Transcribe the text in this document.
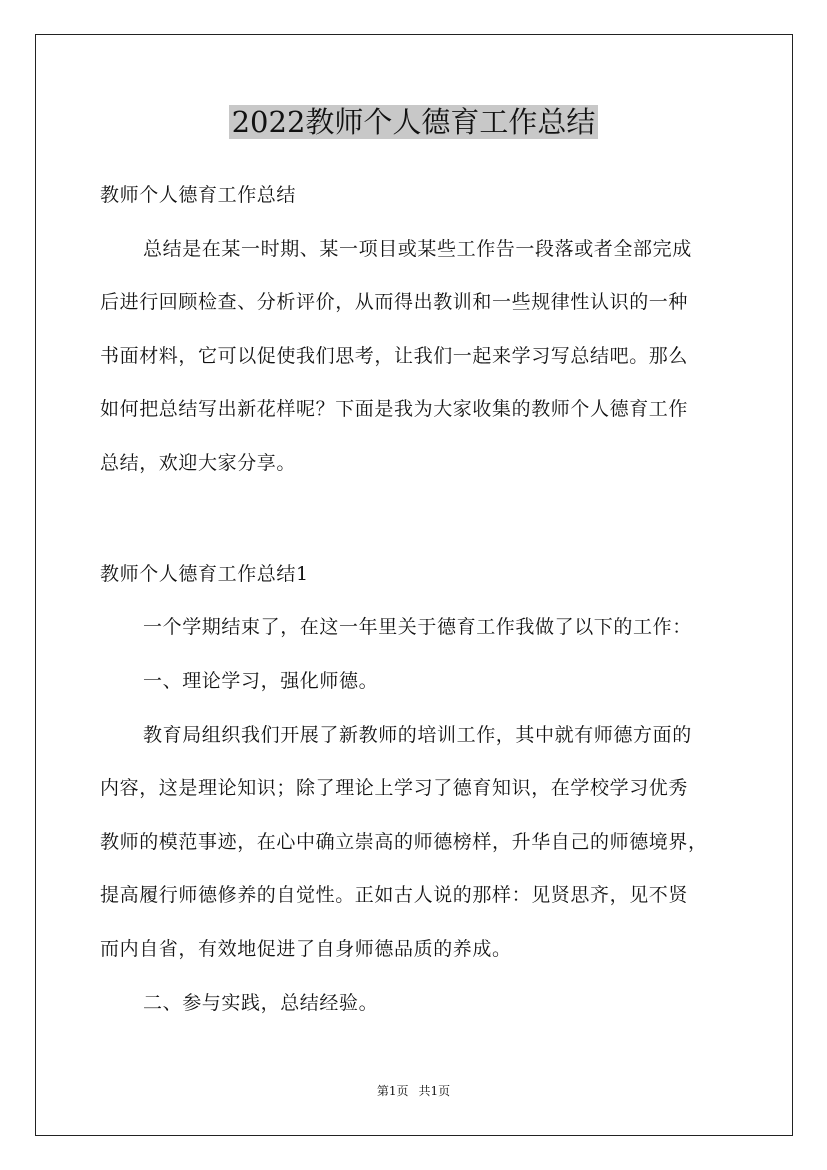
2022教师个人德育工作总结
教师个人德育工作总结
总结是在某一时期、某一项目或某些工作告一段落或者全部完成
后进行回顾检查、分析评价，从而得出教训和一些规律性认识的一种
书面材料，它可以促使我们思考，让我们一起来学习写总结吧。那么
如何把总结写出新花样呢？下面是我为大家收集的教师个人德育工作
总结，欢迎大家分享。
教师个人德育工作总结1
一个学期结束了，在这一年里关于德育工作我做了以下的工作：
一、理论学习，强化师德。
教育局组织我们开展了新教师的培训工作，其中就有师德方面的
内容，这是理论知识；除了理论上学习了德育知识，在学校学习优秀
教师的模范事迹，在心中确立崇高的师德榜样，升华自己的师德境界，
提高履行师德修养的自觉性。正如古人说的那样：见贤思齐，见不贤
而内自省，有效地促进了自身师德品质的养成。
二、参与实践，总结经验。
第1页 共1页
